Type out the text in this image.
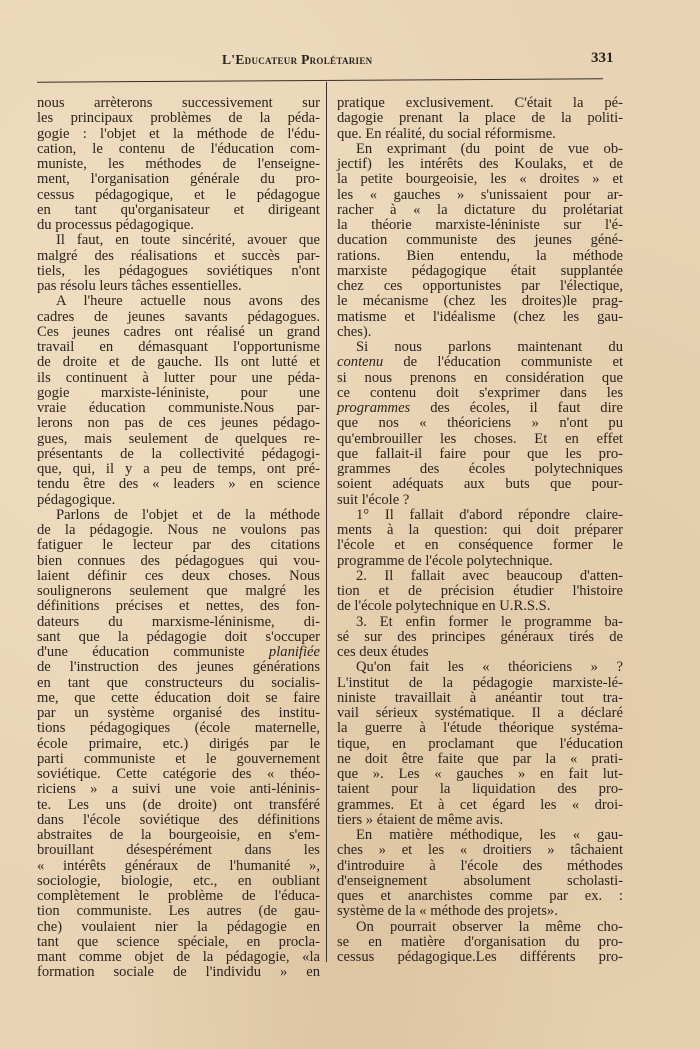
L'Educateur Prolétarien	331
nous arrèterons successivement sur
les principaux problèmes de la péda-
gogie : l'objet et la méthode de l'édu-
cation, le contenu de l'éducation com-
muniste, les méthodes de l'enseigne-
ment, l'organisation générale du pro-
cessus pédagogique, et le pédagogue
en tant qu'organisateur et dirigeant
du processus pédagogique.
Il faut, en toute sincérité, avouer que
malgré des réalisations et succès par-
tiels, les pédagogues soviétiques n'ont
pas résolu leurs tâches essentielles.
A l'heure actuelle nous avons des
cadres de jeunes savants pédagogues.
Ces jeunes cadres ont réalisé un grand
travail en démasquant l'opportunisme
de droite et de gauche. Ils ont lutté et
ils continuent à lutter pour une péda-
gogie marxiste-léniniste, pour une
vraie éducation communiste.Nous par-
lerons non pas de ces jeunes pédago-
gues, mais seulement de quelques re-
présentants de la collectivité pédagogi-
que, qui, il y a peu de temps, ont pré-
tendu être des « leaders » en science
pédagogique.
Parlons de l'objet et de la méthode
de la pédagogie. Nous ne voulons pas
fatiguer le lecteur par des citations
bien connues des pédagogues qui vou-
laient définir ces deux choses. Nous
soulignerons seulement que malgré les
définitions précises et nettes, des fon-
dateurs du marxisme-léninisme, di-
sant que la pédagogie doit s'occuper
d'une éducation communiste planifiée
de l'instruction des jeunes générations
en tant que constructeurs du socialis-
me, que cette éducation doit se faire
par un système organisé des institu-
tions pédagogiques (école maternelle,
école primaire, etc.) dirigés par le
parti communiste et le gouvernement
soviétique. Cette catégorie des « théo-
riciens » a suivi une voie anti-léninis-
te. Les uns (de droite) ont transféré
dans l'école soviétique des définitions
abstraites de la bourgeoisie, en s'em-
brouillant désespérément dans les
« intérêts généraux de l'humanité »,
sociologie, biologie, etc., en oubliant
complètement le problème de l'éduca-
tion communiste. Les autres (de gau-
che) voulaient nier la pédagogie en
tant que science spéciale, en procla-
mant comme objet de la pédagogie, «la
formation sociale de l'individu » en
pratique exclusivement. C'était la pé-
dagogie prenant la place de la politi-
que. En réalité, du social réformisme.
En exprimant (du point de vue ob-
jectif) les intérêts des Koulaks, et de
la petite bourgeoisie, les « droites » et
les « gauches » s'unissaient pour ar-
racher à « la dictature du prolétariat
la théorie marxiste-léniniste sur l'é-
ducation communiste des jeunes géné-
rations. Bien entendu, la méthode
marxiste pédagogique était supplantée
chez ces opportunistes par l'électique,
le mécanisme (chez les droites)le prag-
matisme et l'idéalisme (chez les gau-
ches).
Si nous parlons maintenant du
contenu de l'éducation communiste et
si nous prenons en considération que
ce contenu doit s'exprimer dans les
programmes des écoles, il faut dire
que nos « théoriciens » n'ont pu
qu'embrouiller les choses. Et en effet
que fallait-il faire pour que les pro-
grammes des écoles polytechniques
soient adéquats aux buts que pour-
suit l'école ?
1° Il fallait d'abord répondre claire-
ments à la question: qui doit préparer
l'école et en conséquence former le
programme de l'école polytechnique.
2. Il fallait avec beaucoup d'atten-
tion et de précision étudier l'histoire
de l'école polytechnique en U.R.S.S.
3. Et enfin former le programme ba-
sé sur des principes généraux tirés de
ces deux études
Qu'on fait les « théoriciens » ?
L'institut de la pédagogie marxiste-lé-
niniste travaillait à anéantir tout tra-
vail sérieux systématique. Il a déclaré
la guerre à l'étude théorique systéma-
tique, en proclamant que l'éducation
ne doit être faite que par la « prati-
que ». Les « gauches » en fait lut-
taient pour la liquidation des pro-
grammes. Et à cet égard les « droi-
tiers » étaient de même avis.
En matière méthodique, les « gau-
ches » et les « droitiers » tâchaient
d'introduire à l'école des méthodes
d'enseignement absolument scholasti-
ques et anarchistes comme par ex. :
système de la « méthode des projets».
On pourrait observer la même cho-
se en matière d'organisation du pro-
cessus pédagogique.Les différents pro-
